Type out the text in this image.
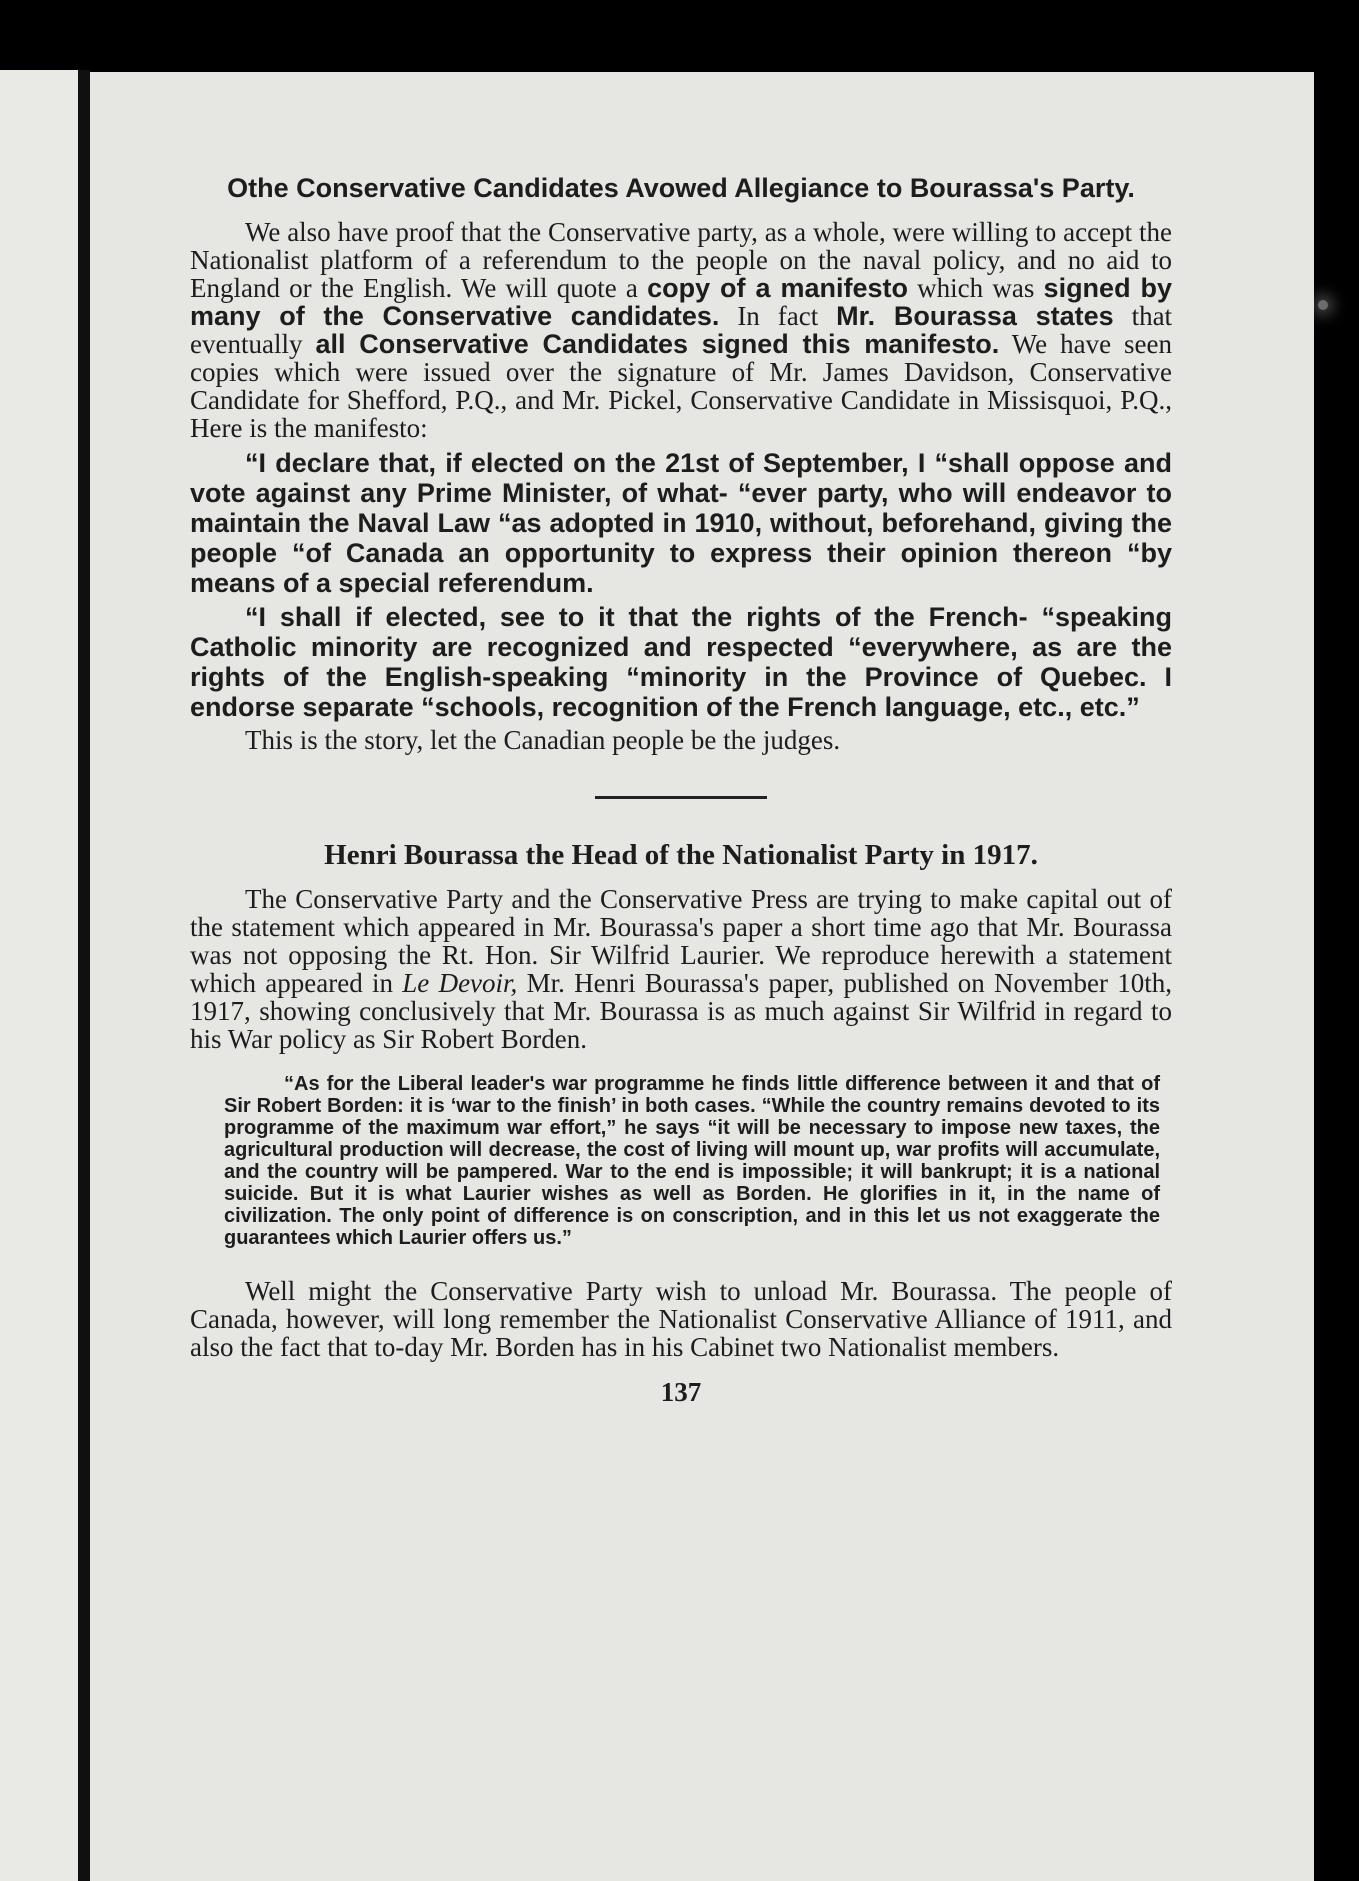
Othe Conservative Candidates Avowed Allegiance to Bourassa's Party.

We also have proof that the Conservative party, as a whole, were willing to accept the Nationalist platform of a referendum to the people on the naval policy, and no aid to England or the English. We will quote a copy of a manifesto which was signed by many of the Conservative candidates. In fact Mr. Bourassa states that eventually all Conservative Candidates signed this manifesto. We have seen copies which were issued over the signature of Mr. James Davidson, Conservative Candidate for Shefford, P.Q., and Mr. Pickel, Conservative Candidate in Missisquoi, P.Q., Here is the manifesto:

“I declare that, if elected on the 21st of September, I “shall oppose and vote against any Prime Minister, of what- “ever party, who will endeavor to maintain the Naval Law “as adopted in 1910, without, beforehand, giving the people “of Canada an opportunity to express their opinion thereon “by means of a special referendum.

“I shall if elected, see to it that the rights of the French- “speaking Catholic minority are recognized and respected “everywhere, as are the rights of the English-speaking “minority in the Province of Quebec. I endorse separate “schools, recognition of the French language, etc., etc.”

This is the story, let the Canadian people be the judges.

Henri Bourassa the Head of the Nationalist Party in 1917.

The Conservative Party and the Conservative Press are trying to make capital out of the statement which appeared in Mr. Bourassa's paper a short time ago that Mr. Bourassa was not opposing the Rt. Hon. Sir Wilfrid Laurier. We reproduce herewith a statement which appeared in Le Devoir, Mr. Henri Bourassa's paper, published on November 10th, 1917, showing conclusively that Mr. Bourassa is as much against Sir Wilfrid in regard to his War policy as Sir Robert Borden.

“As for the Liberal leader's war programme he finds little difference between it and that of Sir Robert Borden: it is ‘war to the finish’ in both cases. “While the country remains devoted to its programme of the maximum war effort,” he says “it will be necessary to impose new taxes, the agricultural production will decrease, the cost of living will mount up, war profits will accumulate, and the country will be pampered. War to the end is impossible; it will bankrupt; it is a national suicide. But it is what Laurier wishes as well as Borden. He glorifies in it, in the name of civilization. The only point of difference is on conscription, and in this let us not exaggerate the guarantees which Laurier offers us.”

Well might the Conservative Party wish to unload Mr. Bourassa. The people of Canada, however, will long remember the Nationalist Conservative Alliance of 1911, and also the fact that to-day Mr. Borden has in his Cabinet two Nationalist members.

137
